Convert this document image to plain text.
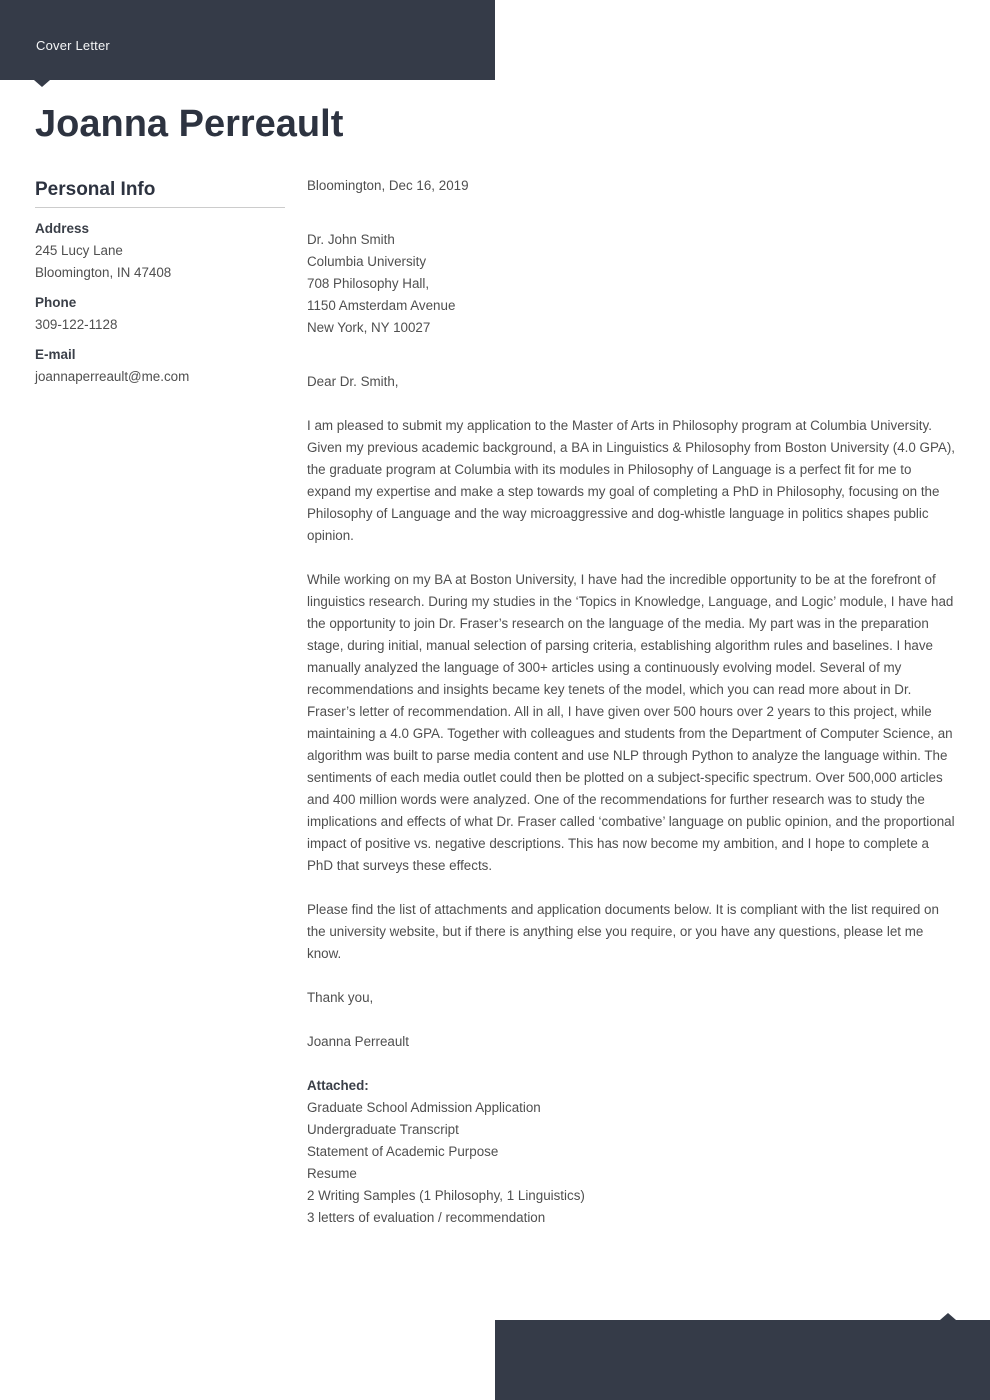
Cover Letter
Joanna Perreault
Personal Info
Address
245 Lucy Lane
Bloomington, IN 47408
Phone
309-122-1128
E-mail
joannaperreault@me.com

Bloomington, Dec 16, 2019

Dr. John Smith

Columbia University

708 Philosophy Hall,

1150 Amsterdam Avenue

New York, NY 10027

Dear Dr. Smith,

I am pleased to submit my application to the Master of Arts in Philosophy program at Columbia University. Given my previous academic background, a BA in Linguistics & Philosophy from Boston University (4.0 GPA), the graduate program at Columbia with its modules in Philosophy of Language is a perfect fit for me to expand my expertise and make a step towards my goal of completing a PhD in Philosophy, focusing on the Philosophy of Language and the way microaggressive and dog-whistle language in politics shapes public opinion.

While working on my BA at Boston University, I have had the incredible opportunity to be at the forefront of linguistics research. During my studies in the ‘Topics in Knowledge, Language, and Logic’ module, I have had the opportunity to join Dr. Fraser’s research on the language of the media. My part was in the preparation stage, during initial, manual selection of parsing criteria, establishing algorithm rules and baselines. I have manually analyzed the language of 300+ articles using a continuously evolving model. Several of my recommendations and insights became key tenets of the model, which you can read more about in Dr. Fraser’s letter of recommendation. All in all, I have given over 500 hours over 2 years to this project, while maintaining a 4.0 GPA. Together with colleagues and students from the Department of Computer Science, an algorithm was built to parse media content and use NLP through Python to analyze the language within. The sentiments of each media outlet could then be plotted on a subject-specific spectrum. Over 500,000 articles and 400 million words were analyzed. One of the recommendations for further research was to study the implications and effects of what Dr. Fraser called ‘combative’ language on public opinion, and the proportional impact of positive vs. negative descriptions. This has now become my ambition, and I hope to complete a PhD that surveys these effects.

Please find the list of attachments and application documents below. It is compliant with the list required on the university website, but if there is anything else you require, or you have any questions, please let me know.

Thank you,

Joanna Perreault

Attached:

Graduate School Admission Application

Undergraduate Transcript

Statement of Academic Purpose

Resume

2 Writing Samples (1 Philosophy, 1 Linguistics)

3 letters of evaluation / recommendation
